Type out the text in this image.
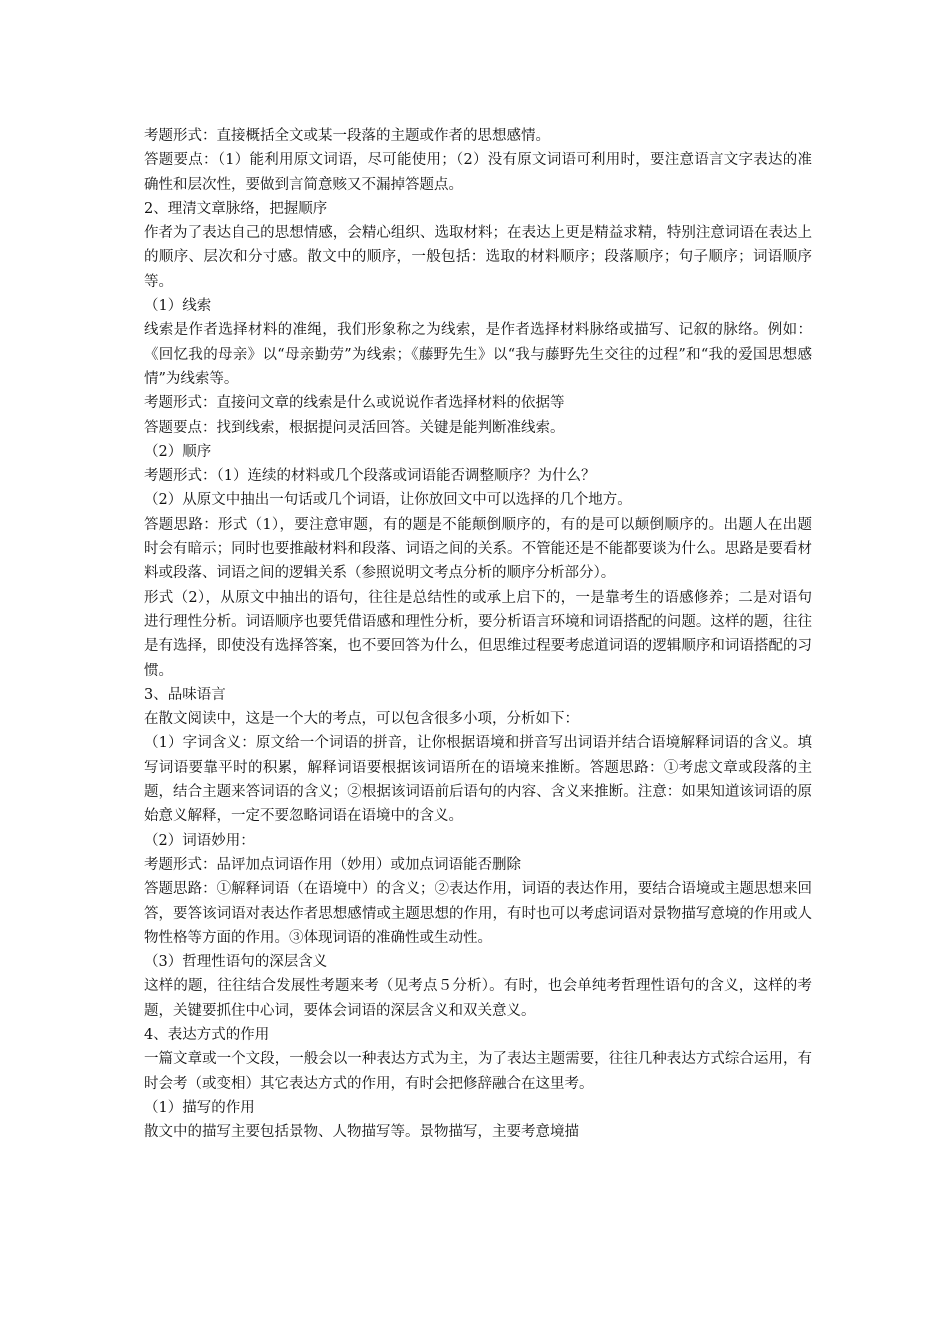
考题形式：直接概括全文或某一段落的主题或作者的思想感情。

答题要点：（1）能利用原文词语，尽可能使用；（2）没有原文词语可利用时，要注意语言文字表达的准确性和层次性，要做到言简意赅又不漏掉答题点。

2、理清文章脉络，把握顺序

作者为了表达自己的思想情感，会精心组织、选取材料；在表达上更是精益求精，特别注意词语在表达上的顺序、层次和分寸感。散文中的顺序，一般包括：选取的材料顺序；段落顺序；句子顺序；词语顺序等。

（1）线索

线索是作者选择材料的准绳，我们形象称之为线索，是作者选择材料脉络或描写、记叙的脉络。例如：《回忆我的母亲》以“母亲勤劳”为线索；《藤野先生》以“我与藤野先生交往的过程”和“我的爱国思想感情”为线索等。

考题形式：直接问文章的线索是什么或说说作者选择材料的依据等

答题要点：找到线索，根据提问灵活回答。关键是能判断准线索。

（2）顺序

考题形式：（1）连续的材料或几个段落或词语能否调整顺序？为什么？

（2）从原文中抽出一句话或几个词语，让你放回文中可以选择的几个地方。

答题思路：形式（1），要注意审题，有的题是不能颠倒顺序的，有的是可以颠倒顺序的。出题人在出题时会有暗示；同时也要推敲材料和段落、词语之间的关系。不管能还是不能都要谈为什么。思路是要看材料或段落、词语之间的逻辑关系（参照说明文考点分析的顺序分析部分）。

形式（2），从原文中抽出的语句，往往是总结性的或承上启下的，一是靠考生的语感修养；二是对语句进行理性分析。词语顺序也要凭借语感和理性分析，要分析语言环境和词语搭配的问题。这样的题，往往是有选择，即使没有选择答案，也不要回答为什么，但思维过程要考虑道词语的逻辑顺序和词语搭配的习惯。

3、品味语言

在散文阅读中，这是一个大的考点，可以包含很多小项，分析如下：

（1）字词含义：原文给一个词语的拼音，让你根据语境和拼音写出词语并结合语境解释词语的含义。填写词语要靠平时的积累，解释词语要根据该词语所在的语境来推断。答题思路：①考虑文章或段落的主题，结合主题来答词语的含义；②根据该词语前后语句的内容、含义来推断。注意：如果知道该词语的原始意义解释，一定不要忽略词语在语境中的含义。

（2）词语妙用：

考题形式：品评加点词语作用（妙用）或加点词语能否删除

答题思路：①解释词语（在语境中）的含义；②表达作用，词语的表达作用，要结合语境或主题思想来回答，要答该词语对表达作者思想感情或主题思想的作用，有时也可以考虑词语对景物描写意境的作用或人物性格等方面的作用。③体现词语的准确性或生动性。

（3）哲理性语句的深层含义

这样的题，往往结合发展性考题来考（见考点５分析）。有时，也会单纯考哲理性语句的含义，这样的考题，关键要抓住中心词，要体会词语的深层含义和双关意义。

4、表达方式的作用

一篇文章或一个文段，一般会以一种表达方式为主，为了表达主题需要，往往几种表达方式综合运用，有时会考（或变相）其它表达方式的作用，有时会把修辞融合在这里考。

（1）描写的作用

散文中的描写主要包括景物、人物描写等。景物描写，主要考意境描
